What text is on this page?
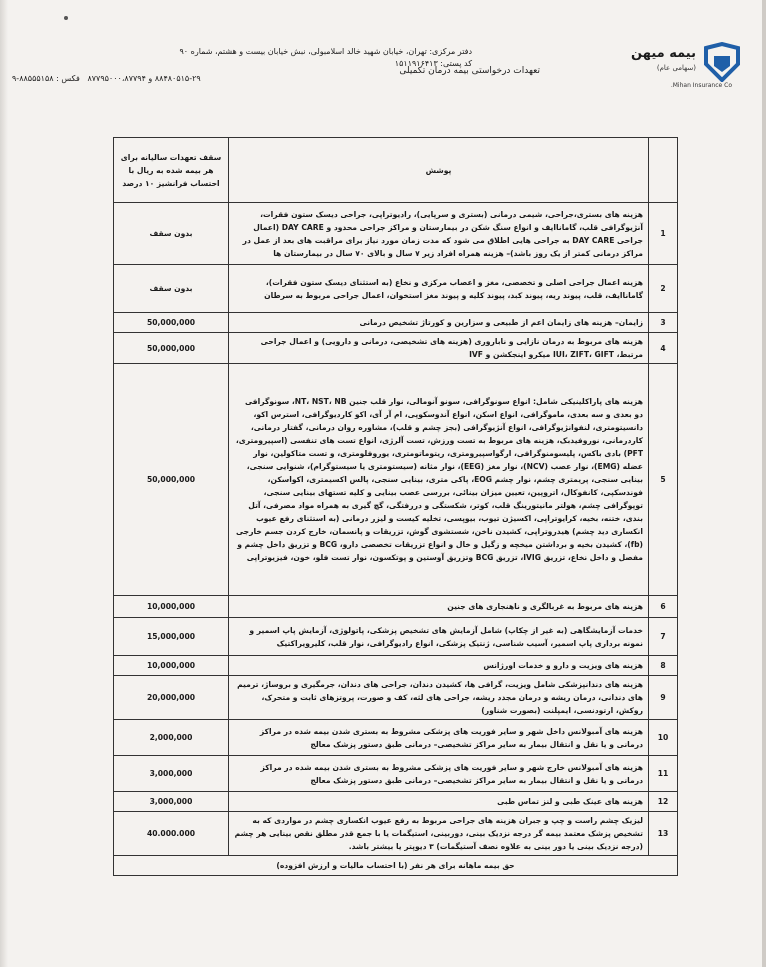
بیمه میهن
(سهامی عام)
Mihan Insurance Co.
دفتر مرکزی: تهران، خیابان شهید خالد اسلامبولی، نبش خیابان بیست و هشتم، شماره ۹۰
کد پستی: ۱۵۱۱۹۱۶۴۱۳
تعهدات درخواستی بیمه درمان تکمیلی
۸۸۴۸۰۵۱۵-۲۹ و ۸۷۷۹۵۰۰۰،۸۷۷۹۴   فکس : ۸۸۵۵۵۱۵۸-۹
	پوشش	سقف تعهدات سالیانه برای هر بیمه شده به ریال با احتساب فرانشیز ۱۰ درصد
1	هزینه های بستری،جراحی، شیمی درمانی (بستری و سرپایی)، رادیوتراپی، جراحی دیسک ستون فقرات، آنژیوگرافی قلب، گاماناایف و انواع سنگ شکن در بیمارستان و مراکز جراحی محدود و DAY CARE (اعمال جراحی DAY CARE به جراحی هایی اطلاق می شود که مدت زمان مورد نیاز برای مراقبت های بعد از عمل در مراکز درمانی کمتر از یک روز باشد)– هزینه همراه افراد زیر ۷ سال و بالای ۷۰ سال در بیمارستان ها	بدون سقف
2	هزینه اعمال جراحی اصلی و تخصصی، مغز و اعصاب مرکزی و نخاع (به استثنای دیسک ستون فقرات)، گاماناایف، قلب، پیوند ریه، پیوند کبد، پیوند کلیه و پیوند مغز استخوان، اعمال جراحی مربوط به سرطان	بدون سقف
3	زایمان– هزینه های زایمان اعم از طبیعی و سزارین و کورتاژ تشخیص درمانی	50,000,000
4	هزینه های مربوط به درمان نازایی و ناباروری (هزینه های تشخیصی، درمانی و دارویی) و اعمال جراحی مرتبط، IUI، ZIFT، GIFT میکرو اینجکشن و IVF	50,000,000
5	هزینه های پاراکلینیکی شامل: انواع سونوگرافی، سونو آنومالی، نوار قلب جنین NT، NST، NB، سونوگرافی دو بعدی و سه بعدی، ماموگرافی، انواع اسکن، انواع آندوسکوپی، ام آر آی، اکو کاردیوگرافی، استرس اکو، دانسیتومتری، لنفوانژیوگرافی، انواع آنژیوگرافی (بجز چشم و قلب)، مشاوره روان درمانی، گفتار درمانی، کاردرمانی، نوروفیدبک، هزینه های مربوط به تست ورزش، تست آلرژی، انواع تست های تنفسی (اسپیرومتری، PFT) بادی باکس، پلیسومنوگرافی، ارگواسپیرومتری، ریتوماتومتری، یوروفلومتری، و تست متاکولین، نوار عضله (EMG)، نوار عصب (NCV)، نوار مغز (EEG)، نوار مثانه (سیستومتری یا سیستوگرام)، شنوایی سنجی، بینایی سنجی، پریمتری چشم، نوار چشم EOG، پاکی متری، بینایی سنجی، پالس اکسیمتری، اکواسکن، فوندسکپی، کانفوکال، اتروپین، تعیین میزان بینائی، بررسی عصب بینایی و کلیه تستهای بینایی سنجی، توپوگرافی چشم، هولتر مانیتورینگ قلب، کوتر، شکستگی و دررفتگی، گچ گیری به همراه مواد مصرفی، آتل بندی، ختنه، بخیه، کرایوتراپی، اکسیژن تیوب، بیوپسی، تخلیه کیست و لیزر درمانی (به استثنای رفع عیوب انکساری دید چشم) هیدروتراپی، کشیدن ناخن، شستشوی گوش، تزریقات و پانسمان، خارج کردن جسم خارجی (fb)، کشیدن بخیه و برداشتن میخچه و زگیل و خال و انواع تزریقات تخصصی دارو، BCG و تزریق داخل چشم و مفصل و داخل نخاع، تزریق IVIG، تزریق BCG وتزریق آوستین و پوتکسون، نوار تست فلو، خون، فیزیوتراپی	50,000,000
6	هزینه های مربوط به غربالگری و ناهنجاری های جنین	10,000,000
7	خدمات آزمایشگاهی (به غیر از چکاپ) شامل آزمایش های تشخیص پزشکی، پاتولوژی، آزمایش پاپ اسمیر و نمونه برداری پاپ اسمیر، آسیب شناسی، ژنتیک پزشکی، انواع رادیوگرافی، نوار قلب، کلیرویراکتیک	15,000,000
8	هزینه های ویزیت و دارو و خدمات اورژانس	10,000,000
9	هزینه های دندانپزشکی شامل ویزیت، گرافی ها، کشیدن دندان، جراحی های دندان، جرمگیری و بروساژ، ترمیم های دندانی، درمان ریشه و درمان مجدد ریشه، جراحی های لثه، کف و صورت، پروتزهای ثابت و متحرک، روکش، ارتودنسی، ایمپلنت (بصورت شناور)	20,000,000
10	هزینه های آمبولانس داخل شهر و سایر فوریت های پزشکی مشروط به بستری شدن بیمه شده در مراکز درمانی و یا نقل و انتقال بیمار به سایر مراکز تشخیصی– درمانی طبق دستور پزشک معالج	2,000,000
11	هزینه های آمبولانس خارج شهر و سایر فوریت های پزشکی مشروط به بستری شدن بیمه شده در مراکز درمانی و یا نقل و انتقال بیمار به سایر مراکز تشخیصی– درمانی طبق دستور پزشک معالج	3,000,000
12	هزینه های عینک طبی و لنز تماس طبی	3,000,000
13	لیزیک چشم راست و چپ و جبران هزینه های جراحی مربوط به رفع عیوب انکساری چشم در مواردی که به تشخیص پزشک معتمد بیمه گر درجه نزدیک بینی، دوربینی، استیگمات یا با جمع قدر مطلق نقص بینایی هر چشم (درجه نزدیک بینی یا دور بینی به علاوه نصف آستیگمات) ۳ دیوپتر یا بیشتر باشد.	40.000.000
حق بیمه ماهانه برای هر نفر (با احتساب مالیات و ارزش افزوده)		
